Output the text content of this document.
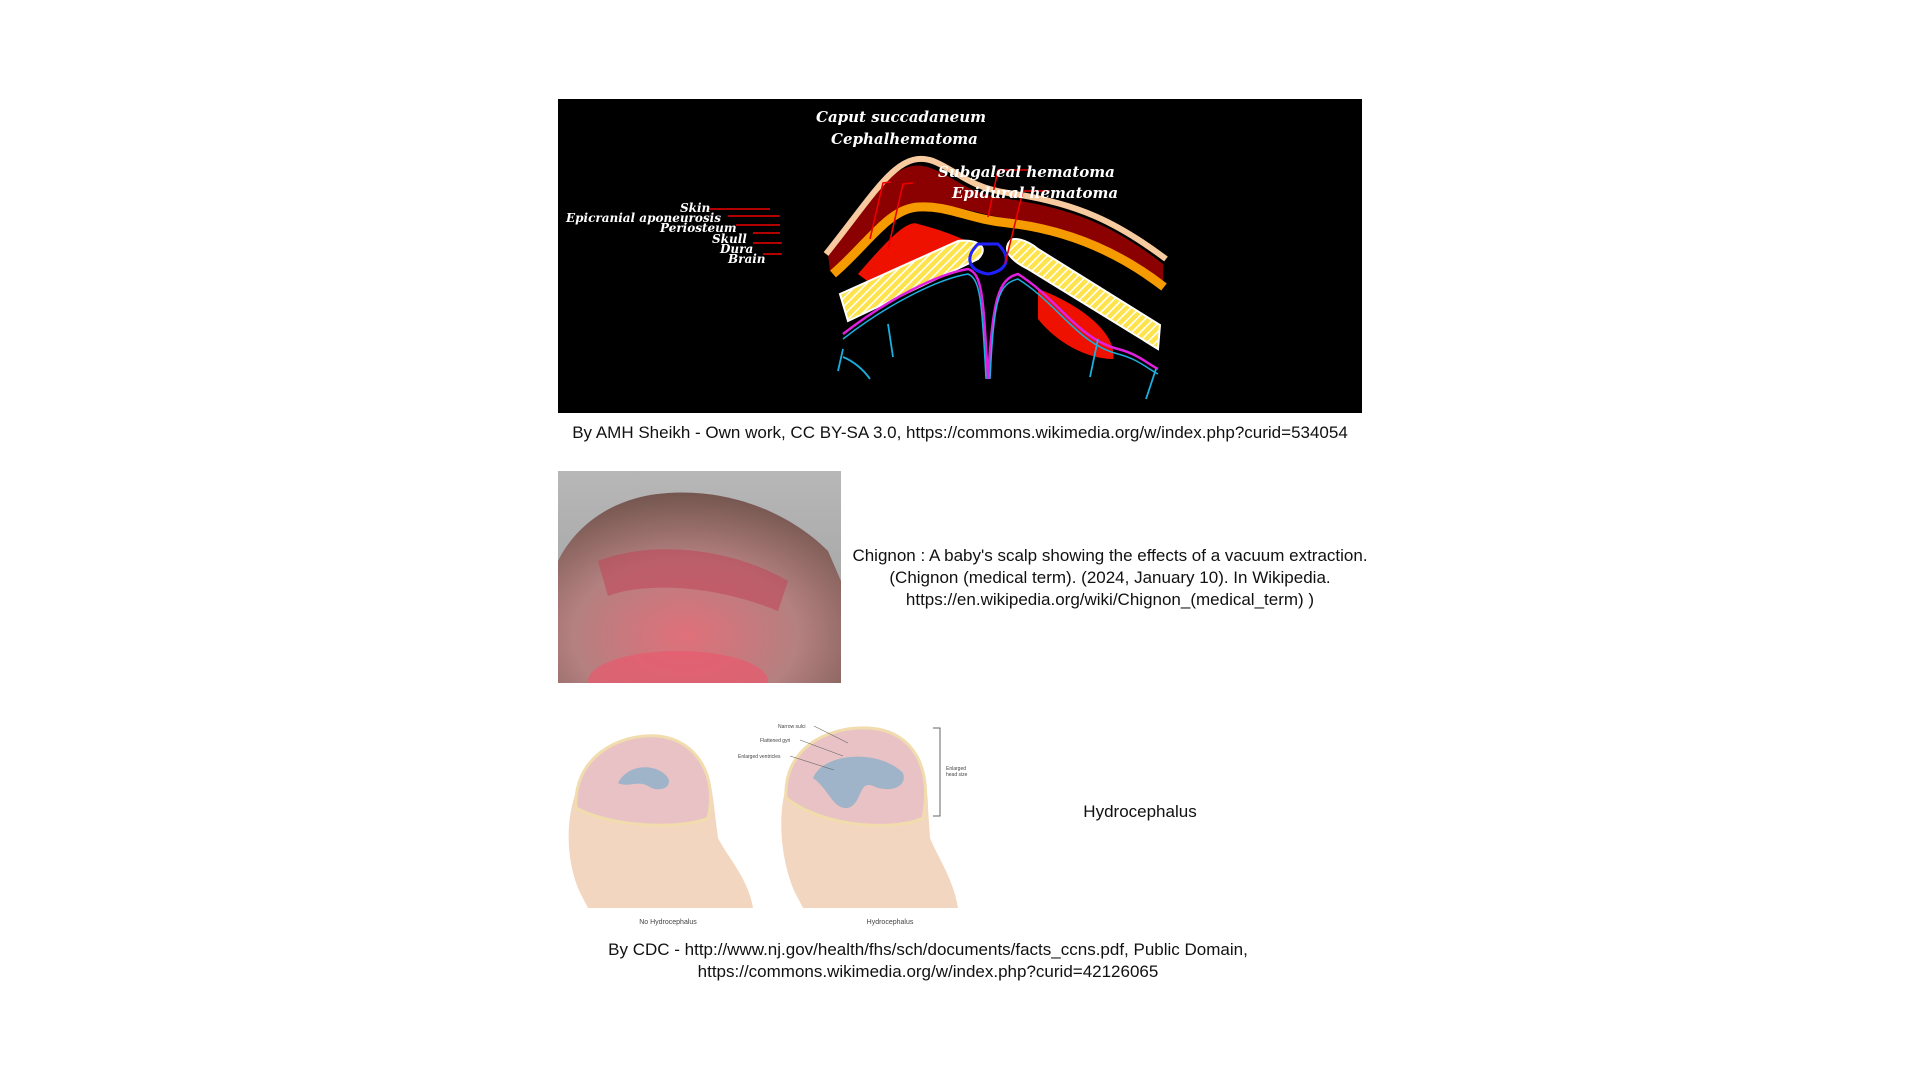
Caput succadaneum
Cephalhematoma
Subgaleal hematoma
Epidural hematoma
Skin
Epicranial aponeurosis
Periosteum
Skull
Dura
Brain
By AMH Sheikh - Own work, CC BY-SA 3.0, https://commons.wikimedia.org/w/index.php?curid=534054
Chignon : A baby's scalp showing the effects of a vacuum extraction. (Chignon (medical term). (2024, January 10). In Wikipedia. https://en.wikipedia.org/wiki/Chignon_(medical_term) )
Narrow sulci
Flattened gyri
Enlarged ventricles
Enlarged
head size
No Hydrocephalus	Hydrocephalus
Hydrocephalus
By CDC - http://www.nj.gov/health/fhs/sch/documents/facts_ccns.pdf, Public Domain,
https://commons.wikimedia.org/w/index.php?curid=42126065
